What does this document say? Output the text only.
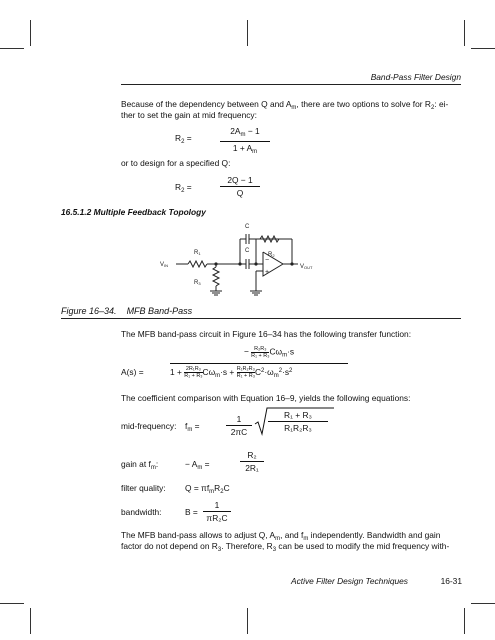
Band-Pass Filter Design
Because of the dependency between Q and $A_m$, there are two options to solve for $R_2$: ei-
ther to set the gain at mid frequency:
$R_2$ =	$\frac{2A_m - 1}{1 + A_m}$
or to design for a specified Q:
$R_2$ =	$\frac{2Q - 1}{Q}$
16.5.1.2 Multiple Feedback Topology
C
C
R1	R2
R3
VIN	VOUT
−
+
Figure 16–34. MFB Band-Pass
The MFB band-pass circuit in Figure 16–34 has the following transfer function:
A(s) =
− $\frac{\text{R₂R₃}}{\text{R₁ + R₃}} C\omega_m\cdot s$
$1 + \frac{\text{2R₁R₃}}{\text{R₁ + R₃}} C\omega_m\cdot s + \frac{\text{R₁R₂R₃}}{\text{R₁ + R₃}} C^2\cdot\omega_m^2\cdot s^2$
The coefficient comparison with Equation 16–9, yields the following equations:
mid-frequency: $f_m$ =	$\frac{1}{2\pi C} \frac{\text{R₁ + R₃}}{\text{R₁R₂R₃}}$
gain at $f_m$:	− $A_m$ =	$\frac{\text{R₂}}{\text{2R₁}}$
filter quality: $Q = \pi f_mR_2C$
bandwidth:	$B = \frac{1}{\text{πR₂C}}$
The MFB band-pass allows to adjust Q, $A_m$, and $f_m$ independently. Bandwidth and gain
factor do not depend on $R_3$. Therefore, $R_3$ can be used to modify the mid frequency with-
Active Filter Design Techniques	16-31
